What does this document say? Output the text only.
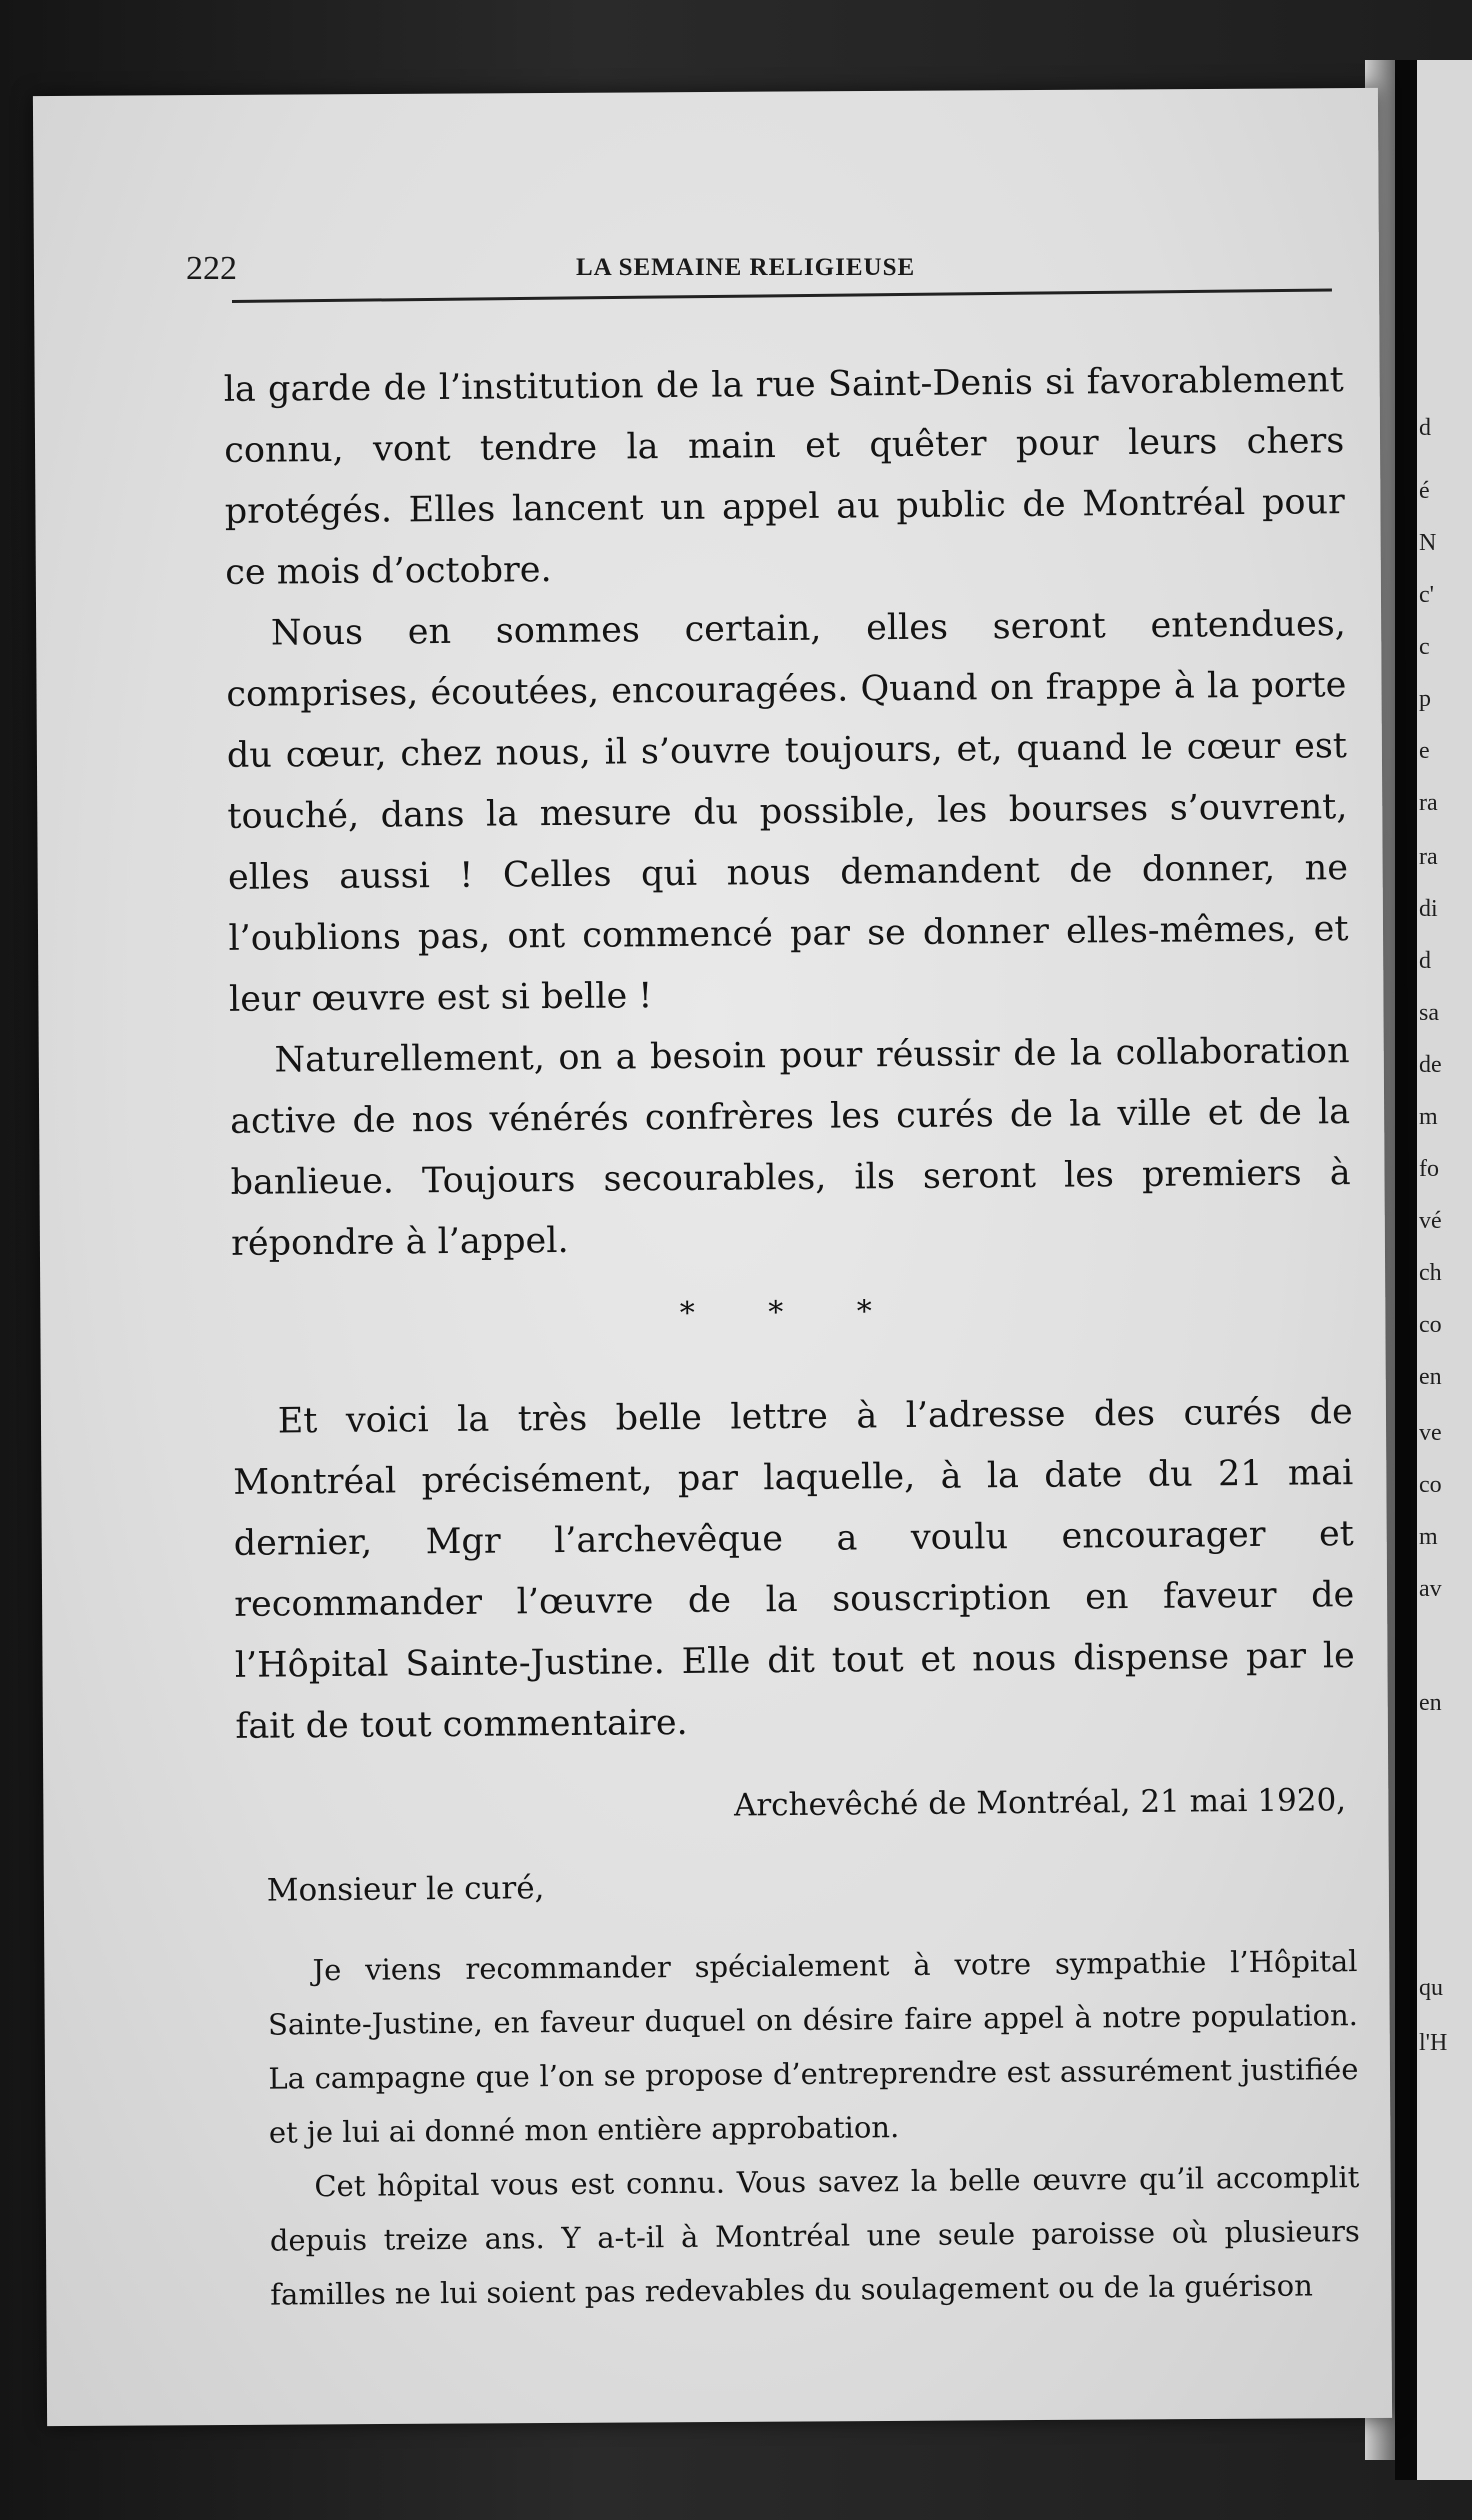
d
é
N
c'
c
p
e
ra
ra
di
d
sa
de
m
fo
vé
ch
co
en
ve
co
m
av
en
qu
l'H
222	LA SEMAINE RELIGIEUSE

la garde de l’institution de la rue Saint-Denis si favorablement connu, vont tendre la main et quêter pour leurs chers protégés. Elles lancent un appel au public de Montréal pour ce mois d’octobre.

Nous en sommes certain, elles seront entendues, comprises, écoutées, encouragées. Quand on frappe à la porte du cœur, chez nous, il s’ouvre toujours, et, quand le cœur est touché, dans la mesure du possible, les bourses s’ouvrent, elles aussi ! Celles qui nous demandent de donner, ne l’oublions pas, ont commencé par se donner elles-mêmes, et leur œuvre est si belle !

Naturellement, on a besoin pour réussir de la collaboration active de nos vénérés confrères les curés de la ville et de la banlieue. Toujours secourables, ils seront les premiers à répondre à l’appel.

* * *

Et voici la très belle lettre à l’adresse des curés de Montréal précisément, par laquelle, à la date du 21 mai dernier, Mgr l’archevêque a voulu encourager et recommander l’œuvre de la souscription en faveur de l’Hôpital Sainte-Justine. Elle dit tout et nous dispense par le fait de tout commentaire.

Archevêché de Montréal, 21 mai 1920,
Monsieur le curé,

Je viens recommander spécialement à votre sympathie l’Hôpital Sainte-Justine, en faveur duquel on désire faire appel à notre population. La campagne que l’on se propose d’entreprendre est assurément justifiée et je lui ai donné mon entière approbation.

Cet hôpital vous est connu. Vous savez la belle œuvre qu’il accomplit depuis treize ans. Y a-t-il à Montréal une seule paroisse où plusieurs familles ne lui soient pas redevables du soulagement ou de la guérison
